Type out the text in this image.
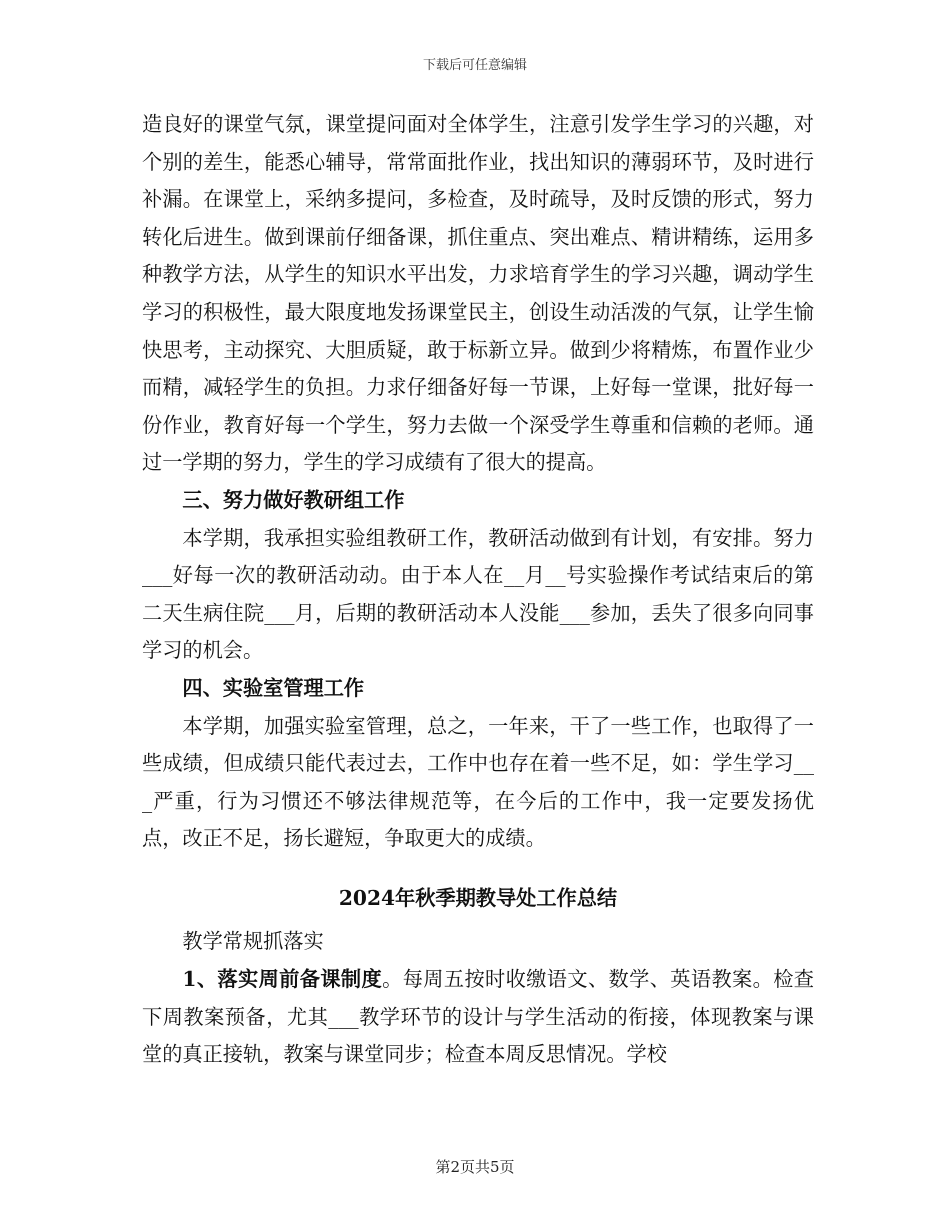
下载后可任意编辑

造良好的课堂气氛，课堂提问面对全体学生，注意引发学生学习的兴趣，对个别的差生，能悉心辅导，常常面批作业，找出知识的薄弱环节，及时进行补漏。在课堂上，采纳多提问，多检查，及时疏导，及时反馈的形式，努力转化后进生。做到课前仔细备课，抓住重点、突出难点、精讲精练，运用多种教学方法，从学生的知识水平出发，力求培育学生的学习兴趣，调动学生学习的积极性，最大限度地发扬课堂民主，创设生动活泼的气氛，让学生愉快思考，主动探究、大胆质疑，敢于标新立异。做到少将精炼，布置作业少而精，减轻学生的负担。力求仔细备好每一节课，上好每一堂课，批好每一份作业，教育好每一个学生，努力去做一个深受学生尊重和信赖的老师。通过一学期的努力，学生的学习成绩有了很大的提高。

三、努力做好教研组工作

本学期，我承担实验组教研工作，教研活动做到有计划，有安排。努力___好每一次的教研活动动。由于本人在__月__号实验操作考试结束后的第二天生病住院___月，后期的教研活动本人没能___参加，丢失了很多向同事学习的机会。

四、实验室管理工作

本学期，加强实验室管理，总之，一年来，干了一些工作，也取得了一些成绩，但成绩只能代表过去，工作中也存在着一些不足，如：学生学习___严重，行为习惯还不够法律规范等，在今后的工作中，我一定要发扬优点，改正不足，扬长避短，争取更大的成绩。

2024年秋季期教导处工作总结

教学常规抓落实

1、落实周前备课制度。每周五按时收缴语文、数学、英语教案。检查下周教案预备，尤其___教学环节的设计与学生活动的衔接，体现教案与课堂的真正接轨，教案与课堂同步；检查本周反思情况。学校

第2页共5页
